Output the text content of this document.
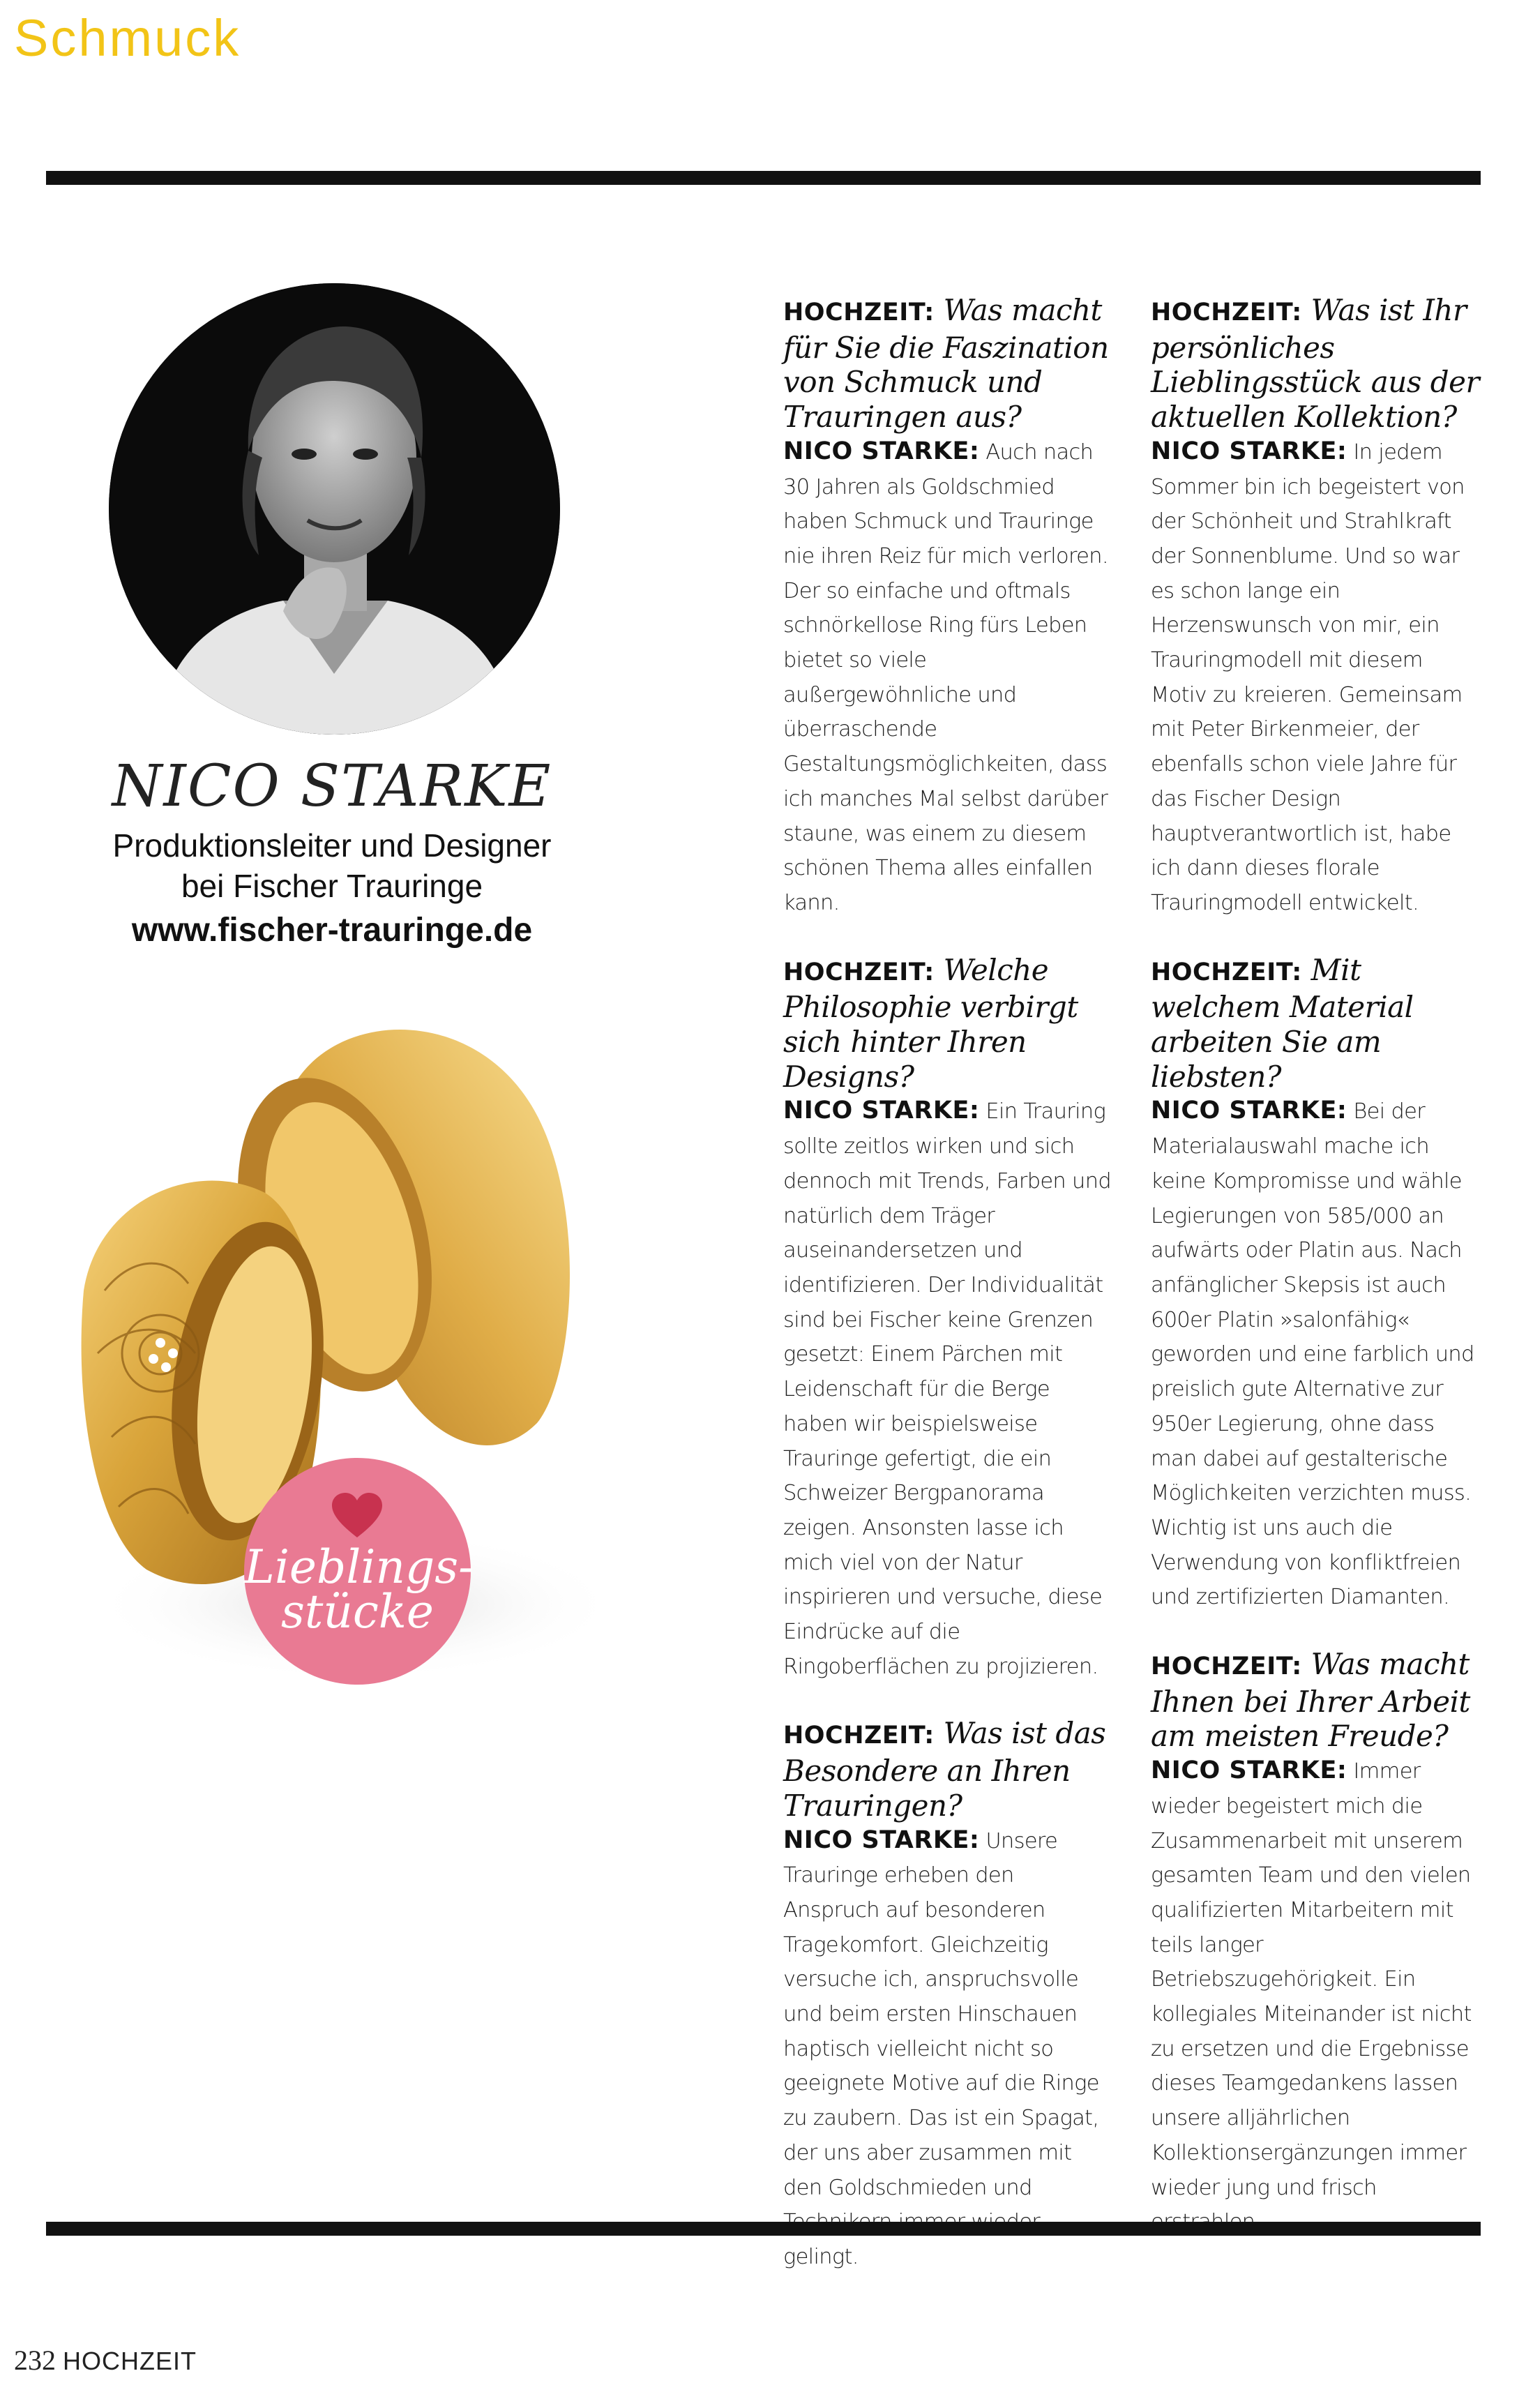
Schmuck
NICO STARKE
Produktionsleiter und Designer
bei Fischer Trauringe
www.fischer-trauringe.de
Lieblings-
stücke
HOCHZEIT: Was macht für Sie die Faszination von Schmuck und Trauringen aus?

NICO STARKE: Auch nach 30 Jahren als Goldschmied haben Schmuck und Trauringe nie ihren Reiz für mich verloren. Der so einfache und oftmals schnörkellose Ring fürs Leben bietet so viele außergewöhnliche und überraschende Gestaltungsmöglichkeiten, dass ich manches Mal selbst darüber staune, was einem zu diesem schönen Thema alles einfallen kann.

HOCHZEIT: Welche Philosophie verbirgt sich hinter Ihren Designs?

NICO STARKE: Ein Trauring sollte zeitlos wirken und sich dennoch mit Trends, Farben und natürlich dem Träger auseinandersetzen und identifizieren. Der Individualität sind bei Fischer keine Grenzen gesetzt: Einem Pärchen mit Leidenschaft für die Berge haben wir beispielsweise Trauringe gefertigt, die ein Schweizer Bergpanorama zeigen. Ansonsten lasse ich mich viel von der Natur inspirieren und versuche, diese Eindrücke auf die Ringoberflächen zu projizieren.

HOCHZEIT: Was ist das Besondere an Ihren Trauringen?

NICO STARKE: Unsere Trauringe erheben den Anspruch auf besonderen Tragekomfort. Gleichzeitig versuche ich, anspruchsvolle und beim ersten Hinschauen haptisch vielleicht nicht so geeignete Motive auf die Ringe zu zaubern. Das ist ein Spagat, der uns aber zusammen mit den Goldschmieden und gelingt.

HOCHZEIT: Was ist Ihr persönliches Lieblingsstück aus der aktuellen Kollektion?

NICO STARKE: In jedem Sommer bin ich begeistert von der Schönheit und Strahlkraft der Sonnenblume. Und so war es schon lange ein Herzenswunsch von mir, ein Trauringmodell mit diesem Motiv zu kreieren. Gemeinsam mit Peter Birkenmeier, der ebenfalls schon viele Jahre für das Fischer Design hauptverantwortlich ist, habe ich dann dieses florale Trauringmodell entwickelt.

HOCHZEIT: Mit welchem Material arbeiten Sie am liebsten?

NICO STARKE: Bei der Materialauswahl mache ich keine Kompromisse und wähle Legierungen von 585/000 an aufwärts oder Platin aus. Nach anfänglicher Skepsis ist auch 600er Platin »salonfähig« geworden und eine farblich und preislich gute Alternative zur 950er Legierung, ohne dass man dabei auf gestalterische Möglichkeiten verzichten muss. Wichtig ist uns auch die Verwendung von konfliktfreien und zertifizierten Diamanten.

HOCHZEIT: Was macht Ihnen bei Ihrer Arbeit am meisten Freude?

NICO STARKE: Immer wieder begeistert mich die Zusammenarbeit mit unserem gesamten Team und den vielen qualifizierten Mitarbeitern mit teils langer Betriebszugehörigkeit. Ein kollegiales Miteinander ist nicht zu ersetzen und die Ergebnisse dieses Teamgedankens lassen unsere alljährlichen Kollektionsergänzungen immer wieder jung und frisch

232 HOCHZEIT
